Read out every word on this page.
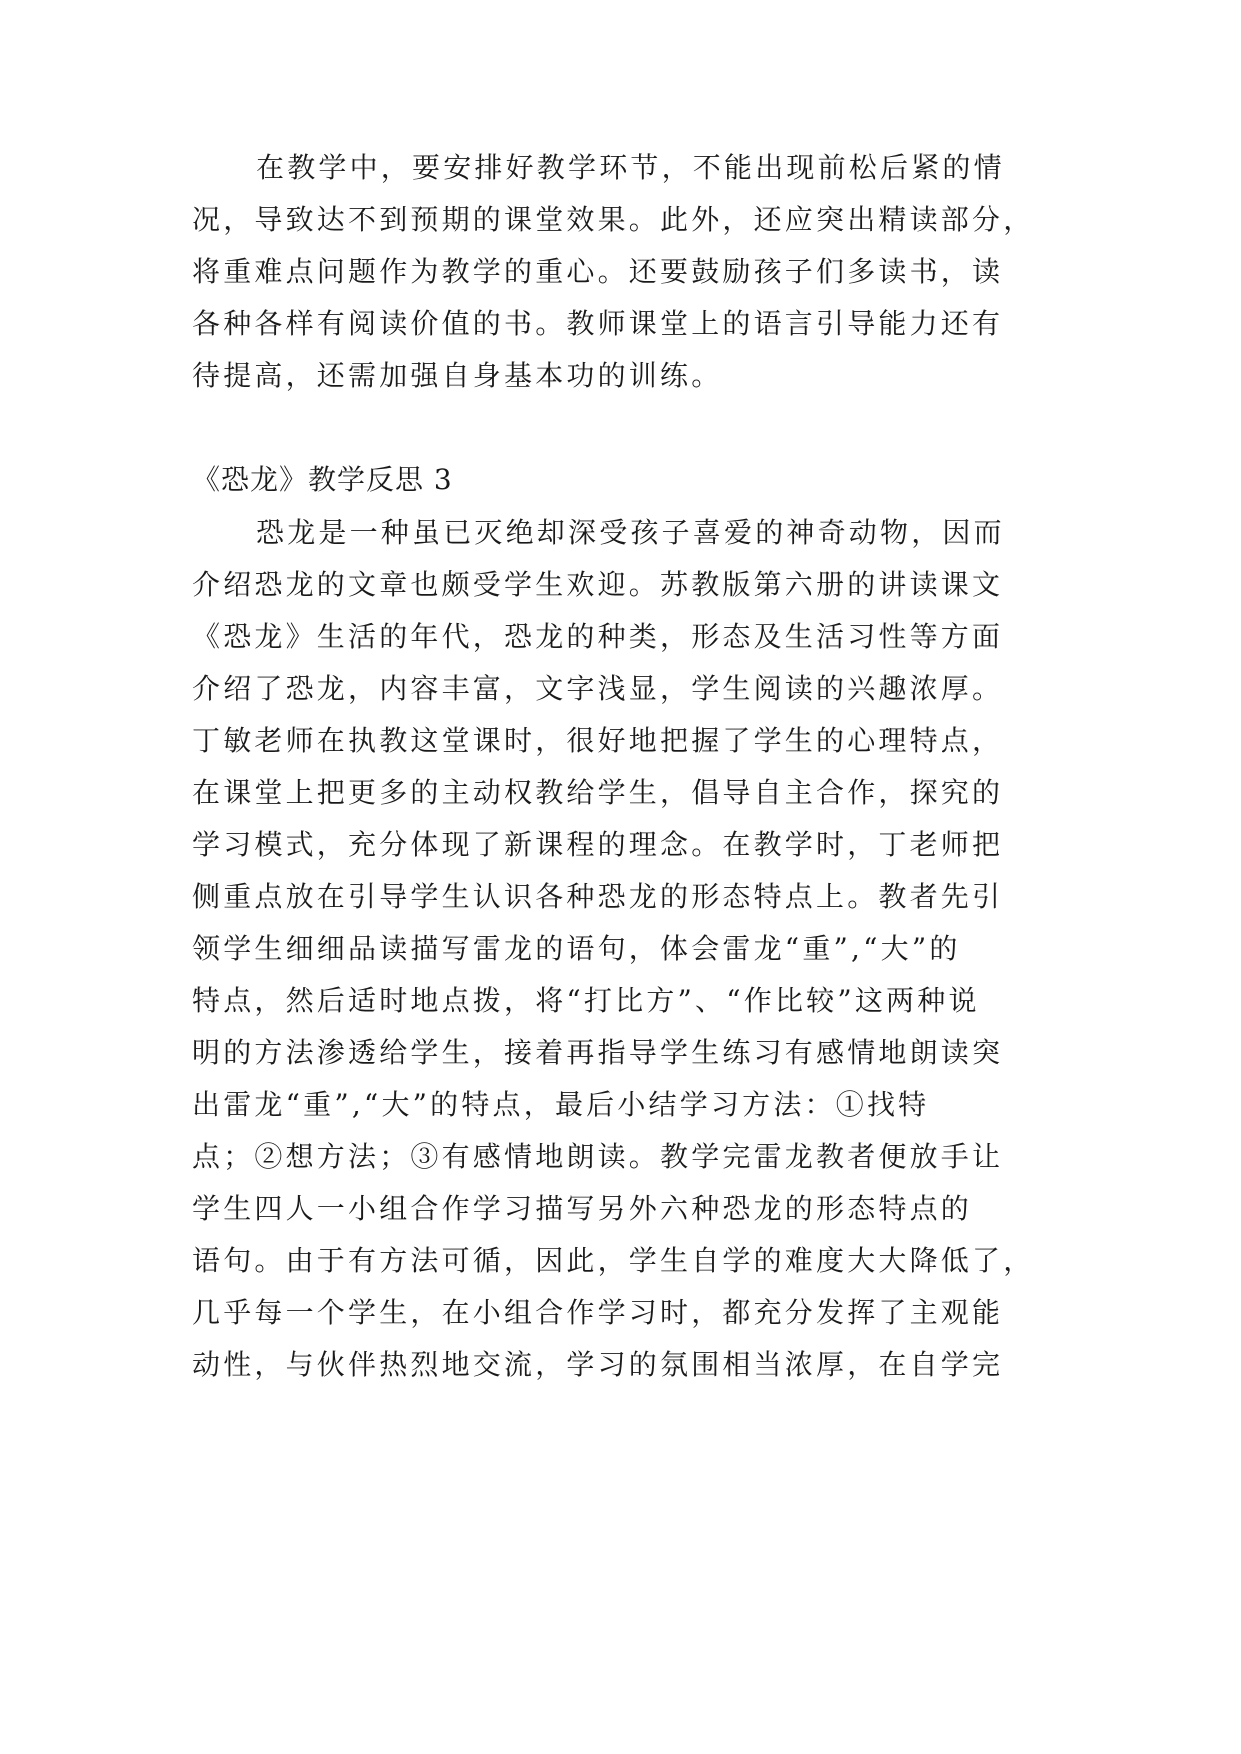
在教学中，要安排好教学环节，不能出现前松后紧的情
况，导致达不到预期的课堂效果。此外，还应突出精读部分，
将重难点问题作为教学的重心。还要鼓励孩子们多读书，读
各种各样有阅读价值的书。教师课堂上的语言引导能力还有
待提高，还需加强自身基本功的训练。
《恐龙》教学反思 3
恐龙是一种虽已灭绝却深受孩子喜爱的神奇动物，因而
介绍恐龙的文章也颇受学生欢迎。苏教版第六册的讲读课文
《恐龙》生活的年代，恐龙的种类，形态及生活习性等方面
介绍了恐龙，内容丰富，文字浅显，学生阅读的兴趣浓厚。
丁敏老师在执教这堂课时，很好地把握了学生的心理特点，
在课堂上把更多的主动权教给学生，倡导自主合作，探究的
学习模式，充分体现了新课程的理念。在教学时，丁老师把
侧重点放在引导学生认识各种恐龙的形态特点上。教者先引
领学生细细品读描写雷龙的语句，体会雷龙“重”,“大”的
特点，然后适时地点拨，将“打比方”、“作比较”这两种说
明的方法渗透给学生，接着再指导学生练习有感情地朗读突
出雷龙“重”,“大”的特点，最后小结学习方法：①找特
点；②想方法；③有感情地朗读。教学完雷龙教者便放手让
学生四人一小组合作学习描写另外六种恐龙的形态特点的
语句。由于有方法可循，因此，学生自学的难度大大降低了，
几乎每一个学生，在小组合作学习时，都充分发挥了主观能
动性，与伙伴热烈地交流，学习的氛围相当浓厚，在自学完
